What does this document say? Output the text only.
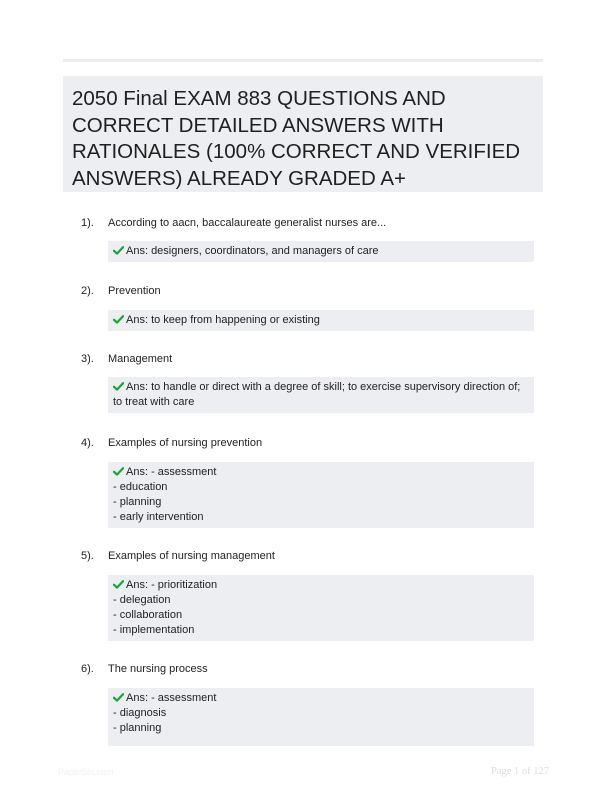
2050 Final EXAM 883 QUESTIONS AND CORRECT DETAILED ANSWERS WITH RATIONALES (100% CORRECT AND VERIFIED ANSWERS) ALREADY GRADED A+
1). According to aacn, baccalaureate generalist nurses are...
Ans: designers, coordinators, and managers of care
2). Prevention
Ans: to keep from happening or existing
3). Management
Ans: to handle or direct with a degree of skill; to exercise supervisory direction of; to treat with care
4). Examples of nursing prevention
Ans: - assessment
- education
- planning
- early intervention
5). Examples of nursing management
Ans: - prioritization
- delegation
- collaboration
- implementation
6). The nursing process
Ans: - assessment
- diagnosis
- planning
Paperbin.com	Page 1 of 127
